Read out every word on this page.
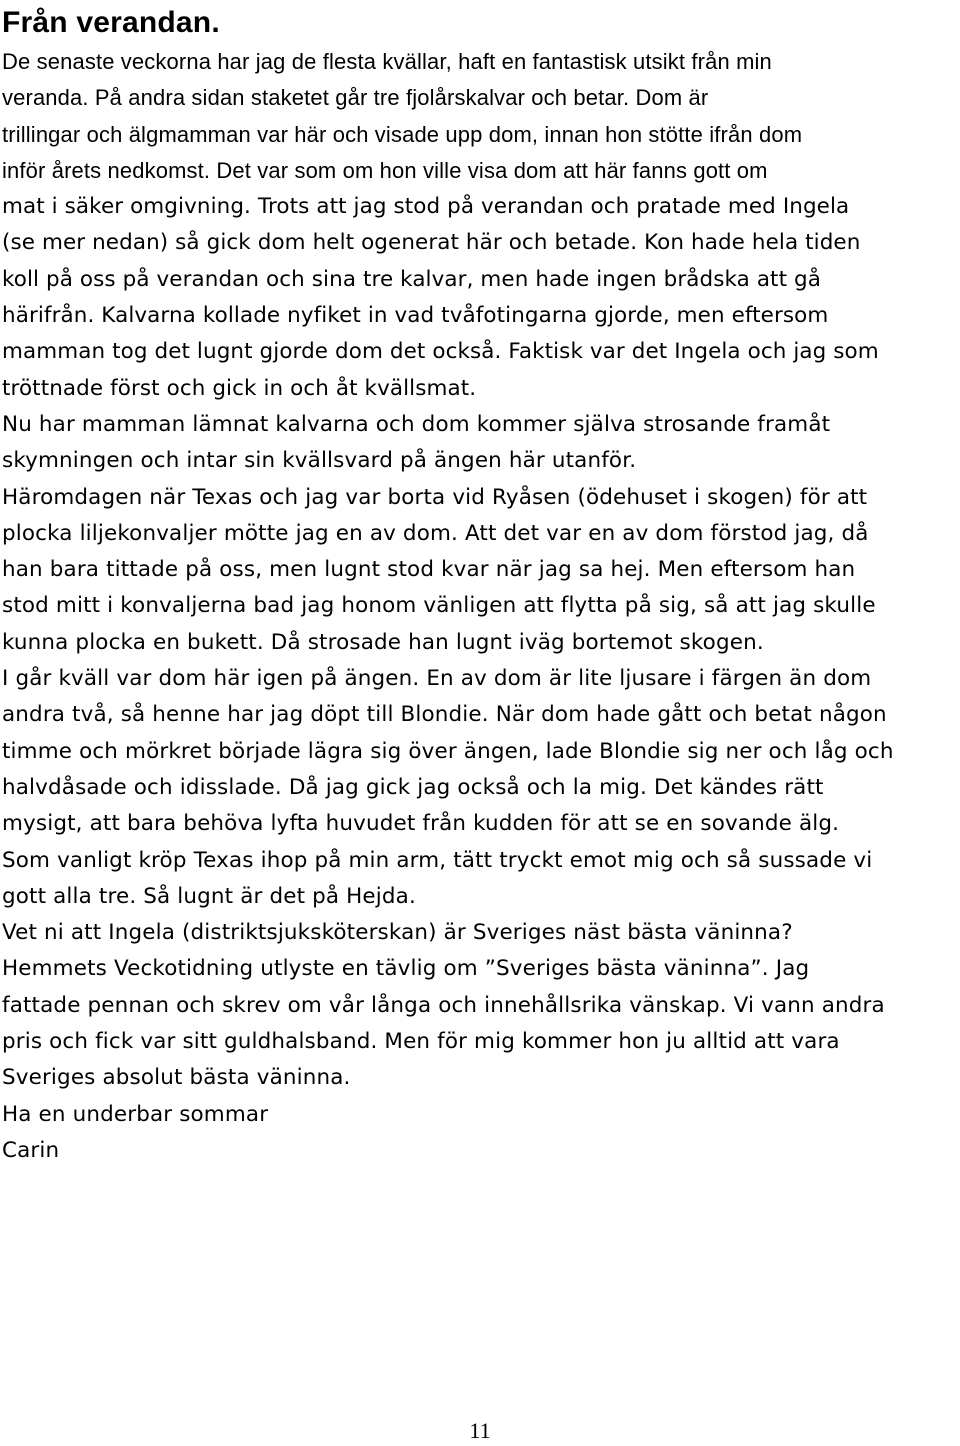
Från verandan.
De senaste veckorna har jag de flesta kvällar, haft en fantastisk utsikt från min
veranda. På andra sidan staketet går tre fjolårskalvar och betar. Dom är
trillingar och älgmamman var här och visade upp dom, innan hon stötte ifrån dom
inför årets nedkomst. Det var som om hon ville visa dom att här fanns gott om
mat i säker omgivning. Trots att jag stod på verandan och pratade med Ingela
(se mer nedan) så gick dom helt ogenerat här och betade. Kon hade hela tiden
koll på oss på verandan och sina tre kalvar, men hade ingen brådska att gå
härifrån. Kalvarna kollade nyfiket in vad tvåfotingarna gjorde, men eftersom
mamman tog det lugnt gjorde dom det också. Faktisk var det Ingela och jag som
tröttnade först och gick in och åt kvällsmat.
Nu har mamman lämnat kalvarna och dom kommer själva strosande framåt
skymningen och intar sin kvällsvard på ängen här utanför.
Häromdagen när Texas och jag var borta vid Ryåsen (ödehuset i skogen) för att
plocka liljekonvaljer mötte jag en av dom. Att det var en av dom förstod jag, då
han bara tittade på oss, men lugnt stod kvar när jag sa hej. Men eftersom han
stod mitt i konvaljerna bad jag honom vänligen att flytta på sig, så att jag skulle
kunna plocka en bukett. Då strosade han lugnt iväg bortemot skogen.
I går kväll var dom här igen på ängen. En av dom är lite ljusare i färgen än dom
andra två, så henne har jag döpt till Blondie. När dom hade gått och betat någon
timme och mörkret började lägra sig över ängen, lade Blondie sig ner och låg och
halvdåsade och idisslade. Då jag gick jag också och la mig. Det kändes rätt
mysigt, att bara behöva lyfta huvudet från kudden för att se en sovande älg.
Som vanligt kröp Texas ihop på min arm, tätt tryckt emot mig och så sussade vi
gott alla tre. Så lugnt är det på Hejda.
Vet ni att Ingela (distriktsjuksköterskan) är Sveriges näst bästa väninna?
Hemmets Veckotidning utlyste en tävlig om ”Sveriges bästa väninna”. Jag
fattade pennan och skrev om vår långa och innehållsrika vänskap. Vi vann andra
pris och fick var sitt guldhalsband. Men för mig kommer hon ju alltid att vara
Sveriges absolut bästa väninna.
Ha en underbar sommar
Carin
11
